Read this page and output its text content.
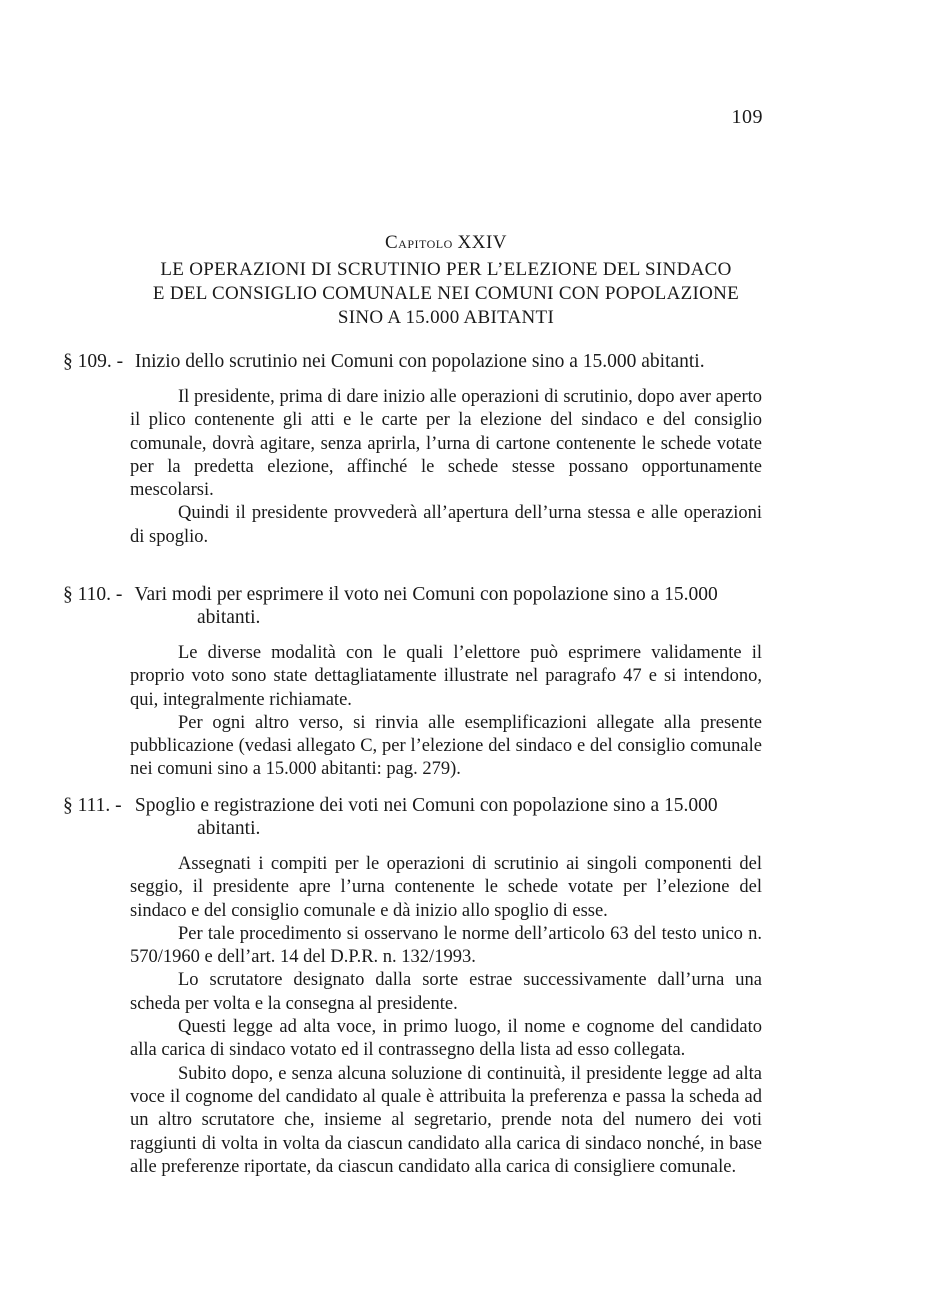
109
Capitolo XXIV
LE OPERAZIONI DI SCRUTINIO PER L’ELEZIONE DEL SINDACO
E DEL CONSIGLIO COMUNALE NEI COMUNI CON POPOLAZIONE
SINO A 15.000 ABITANTI
§ 109. - Inizio dello scrutinio nei Comuni con popolazione sino a 15.000 abitanti.

Il presidente, prima di dare inizio alle operazioni di scrutinio, dopo aver aperto il plico contenente gli atti e le carte per la elezione del sindaco e del consiglio comunale, dovrà agitare, senza aprirla, l’urna di cartone contenente le schede votate per la predetta elezione, affinché le schede stesse possano opportunamente mescolarsi.

Quindi il presidente provvederà all’apertura dell’urna stessa e alle operazioni di spoglio.

§ 110. - Vari modi per esprimere il voto nei Comuni con popolazione sino a 15.000 abitanti.

Le diverse modalità con le quali l’elettore può esprimere validamente il proprio voto sono state dettagliatamente illustrate nel paragrafo 47 e si intendono, qui, integralmente richiamate.

Per ogni altro verso, si rinvia alle esemplificazioni allegate alla presente pubblicazione (vedasi allegato C, per l’elezione del sindaco e del consiglio comunale nei comuni sino a 15.000 abitanti: pag. 279).

§ 111. - Spoglio e registrazione dei voti nei Comuni con popolazione sino a 15.000 abitanti.

Assegnati i compiti per le operazioni di scrutinio ai singoli componenti del seggio, il presidente apre l’urna contenente le schede votate per l’elezione del sindaco e del consiglio comunale e dà inizio allo spoglio di esse.

Per tale procedimento si osservano le norme dell’articolo 63 del testo unico n. 570/1960 e dell’art. 14 del D.P.R. n. 132/1993.

Lo scrutatore designato dalla sorte estrae successivamente dall’urna una scheda per volta e la consegna al presidente.

Questi legge ad alta voce, in primo luogo, il nome e cognome del candidato alla carica di sindaco votato ed il contrassegno della lista ad esso collegata.

Subito dopo, e senza alcuna soluzione di continuità, il presidente legge ad alta voce il cognome del candidato al quale è attribuita la preferenza e passa la scheda ad un altro scrutatore che, insieme al segretario, prende nota del numero dei voti raggiunti di volta in volta da ciascun candidato alla carica di sindaco nonché, in base alle preferenze riportate, da ciascun candidato alla carica di consigliere comunale.
